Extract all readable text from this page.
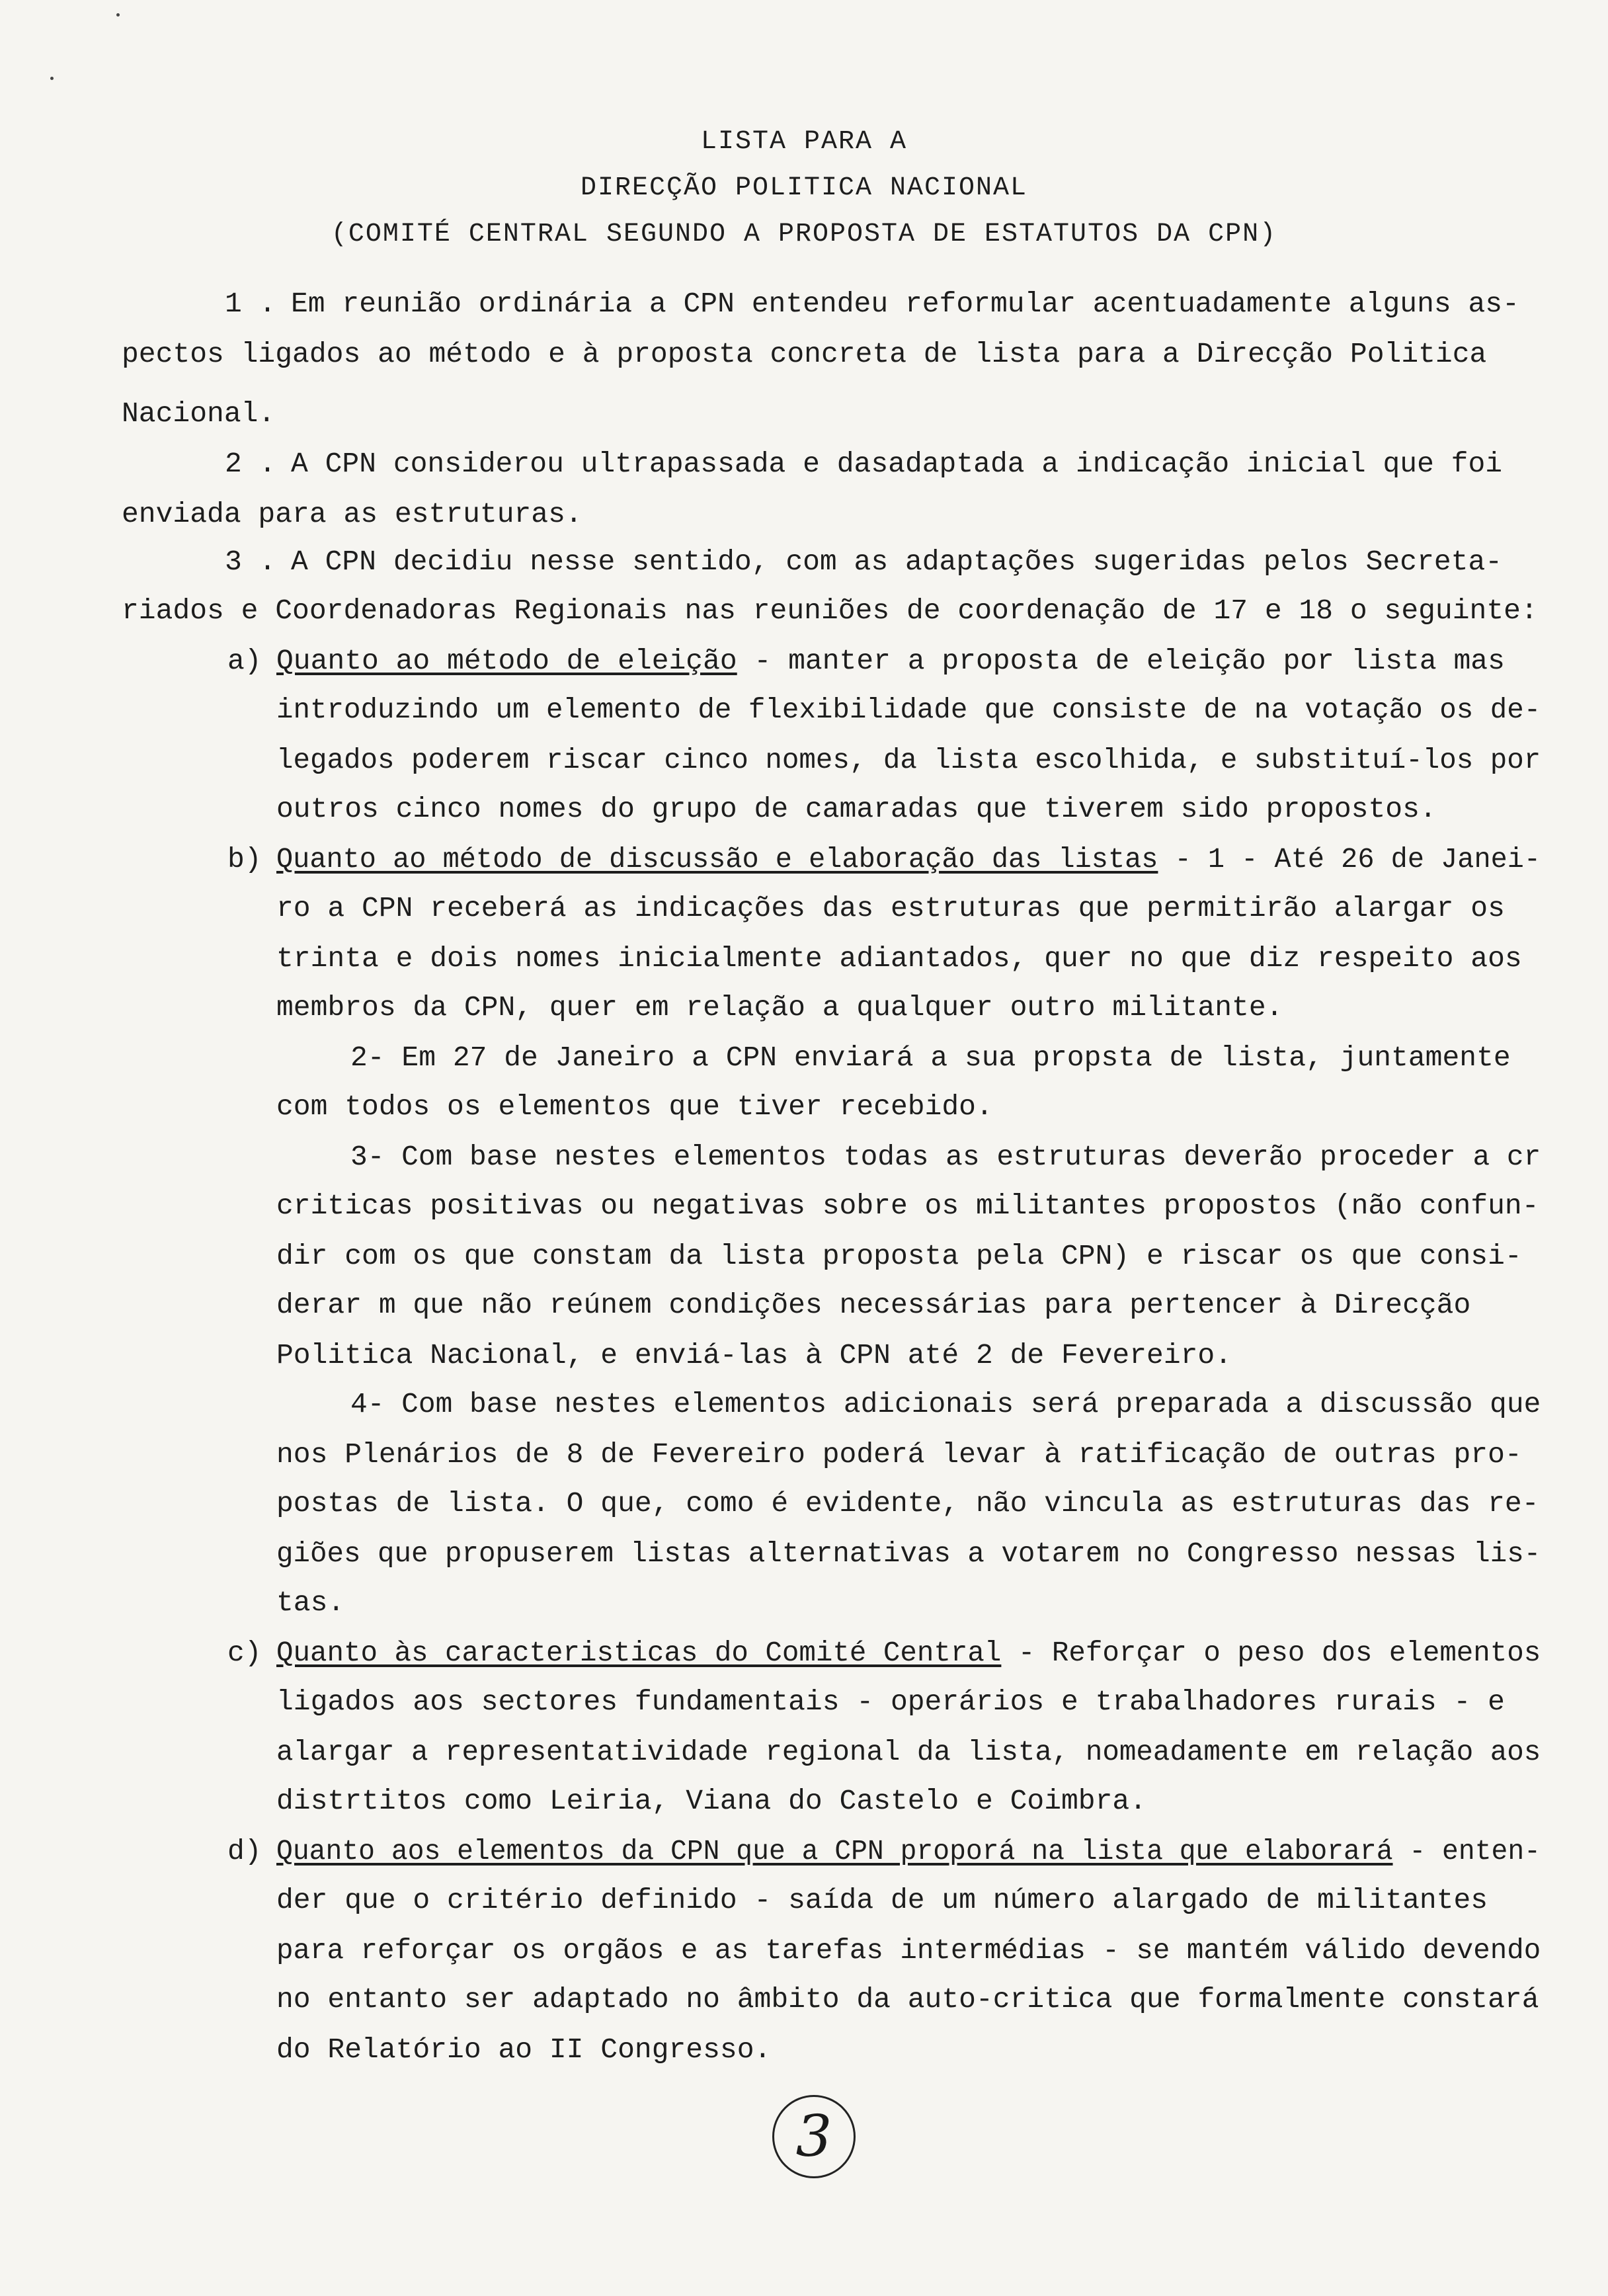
LISTA PARA A
DIRECÇÃO POLITICA NACIONAL
(COMITÉ CENTRAL SEGUNDO A PROPOSTA DE ESTATUTOS DA CPN)
1 . Em reunião ordinária a CPN entendeu reformular acentuadamente alguns as-
pectos ligados ao método e à proposta concreta de lista para a Direcção Politica
Nacional.
2 . A CPN considerou ultrapassada e dasadaptada a indicação inicial que foi
enviada para as estruturas.
3 . A CPN decidiu nesse sentido, com as adaptações sugeridas pelos Secreta-
riados e Coordenadoras Regionais nas reuniões de coordenação de 17 e 18 o seguinte:
a) Quanto ao método de eleição - manter a proposta de eleição por lista mas
introduzindo um elemento de flexibilidade que consiste de na votação os de-
legados poderem riscar cinco nomes, da lista escolhida, e substituí-los por
outros cinco nomes do grupo de camaradas que tiverem sido propostos.
b) Quanto ao método de discussão e elaboração das listas - 1 - Até 26 de Janei-
ro a CPN receberá as indicações das estruturas que permitirão alargar os
trinta e dois nomes inicialmente adiantados, quer no que diz respeito aos
membros da CPN, quer em relação a qualquer outro militante.
2- Em 27 de Janeiro a CPN enviará a sua propsta de lista, juntamente
com todos os elementos que tiver recebido.
3- Com base nestes elementos todas as estruturas deverão proceder a cr
criticas positivas ou negativas sobre os militantes propostos (não confun-
dir com os que constam da lista proposta pela CPN) e riscar os que consi-
derar m que não reúnem condições necessárias para pertencer à Direcção
Politica Nacional, e enviá-las à CPN até 2 de Fevereiro.
4- Com base nestes elementos adicionais será preparada a discussão que
nos Plenários de 8 de Fevereiro poderá levar à ratificação de outras pro-
postas de lista. O que, como é evidente, não vincula as estruturas das re-
giões que propuserem listas alternativas a votarem no Congresso nessas lis-
tas.
c) Quanto às caracteristicas do Comité Central - Reforçar o peso dos elementos
ligados aos sectores fundamentais - operários e trabalhadores rurais - e
alargar a representatividade regional da lista, nomeadamente em relação aos
distrtitos como Leiria, Viana do Castelo e Coimbra.
d) Quanto aos elementos da CPN que a CPN proporá na lista que elaborará - enten-
der que o critério definido - saída de um número alargado de militantes
para reforçar os orgãos e as tarefas intermédias - se mantém válido devendo
no entanto ser adaptado no âmbito da auto-critica que formalmente constará
do Relatório ao II Congresso.
3
